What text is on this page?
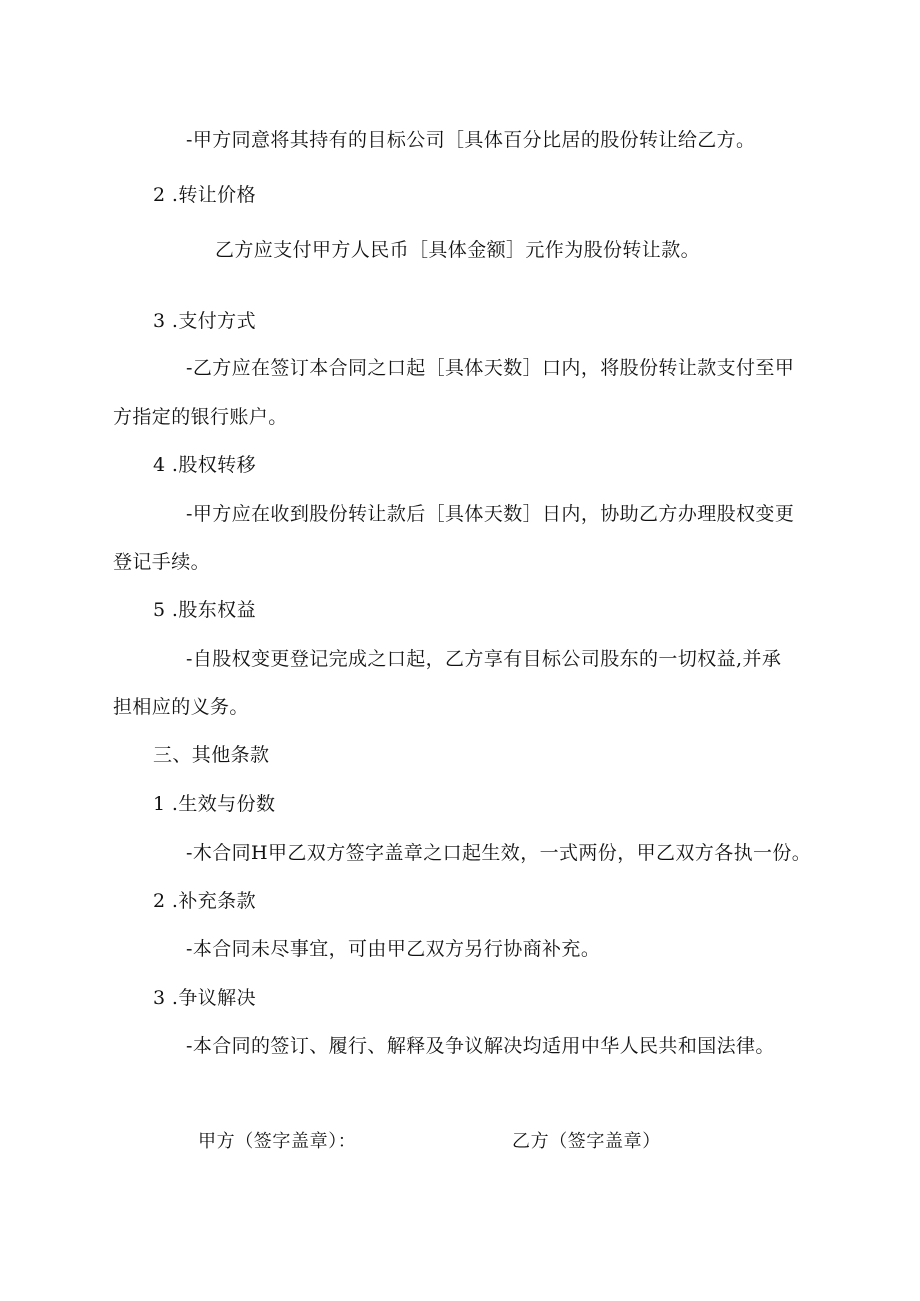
-甲方同意将其持有的目标公司［具体百分比居的股份转让给乙方。
2 .转让价格
乙方应支付甲方人民币［具体金额］元作为股份转让款。
3 .支付方式
-乙方应在签订本合同之口起［具体天数］口内，将股份转让款支付至甲
方指定的银行账户。
4 .股权转移
-甲方应在收到股份转让款后［具体天数］日内，协助乙方办理股权变更
登记手续。
5 .股东权益
-自股权变更登记完成之口起，乙方享有目标公司股东的一切权益,并承
担相应的义务。
三、其他条款
1 .生效与份数
-木合同H甲乙双方签字盖章之口起生效，一式两份，甲乙双方各执一份。
2 .补充条款
-本合同未尽事宜，可由甲乙双方另行协商补充。
3 .争议解决
-本合同的签订、履行、解释及争议解决均适用中华人民共和国法律。
甲方（签字盖章）：	乙方（签字盖章）
